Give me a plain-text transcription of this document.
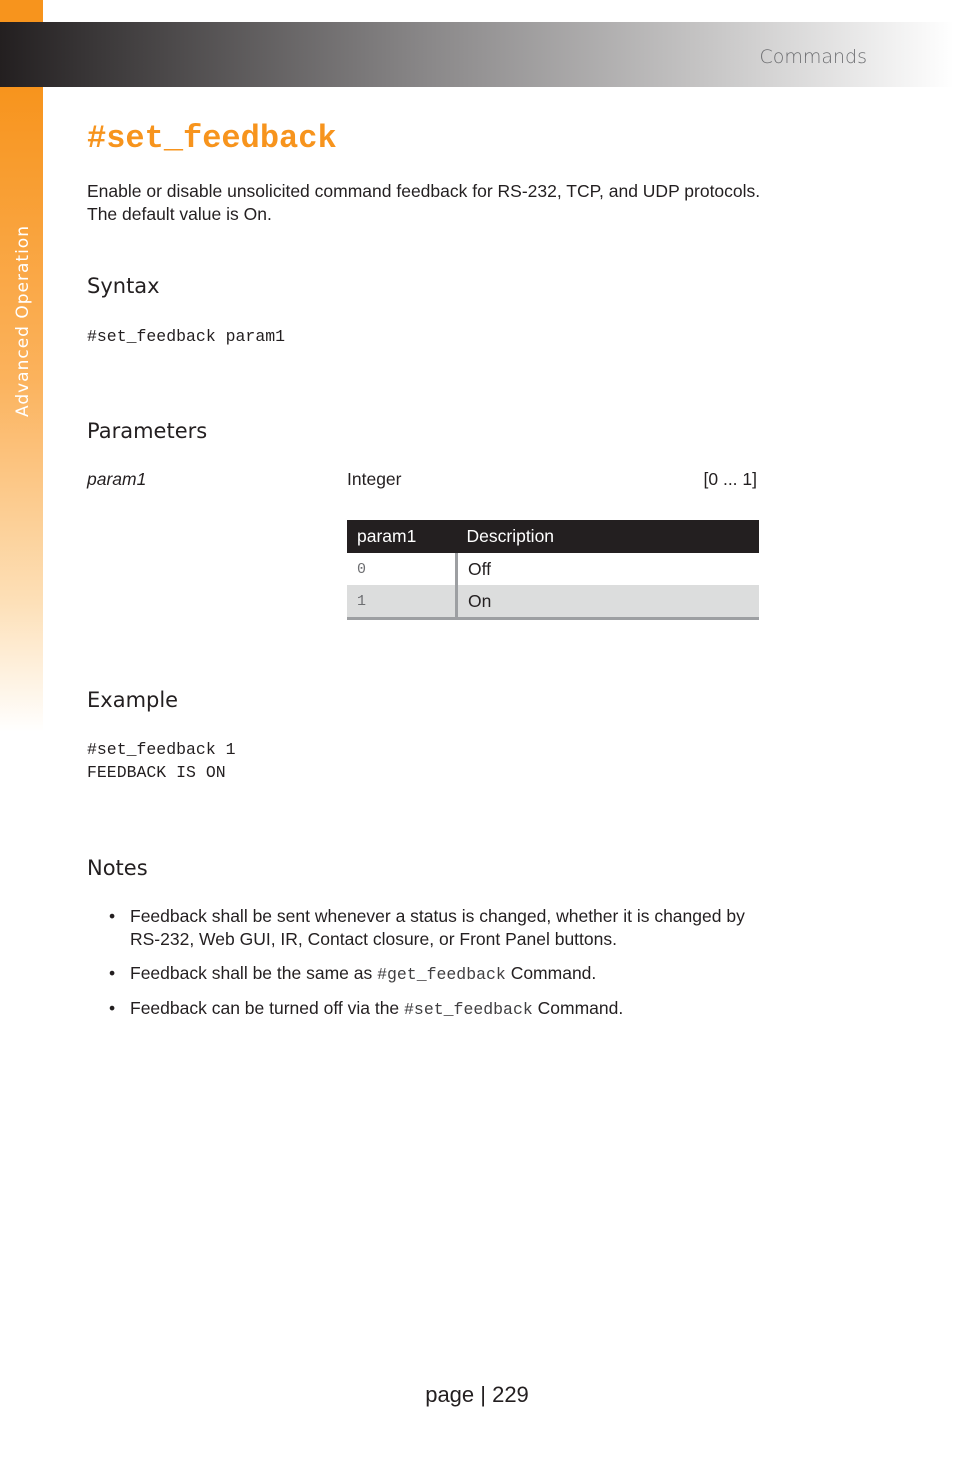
Advanced Operation
Commands
#set_feedback

Enable or disable unsolicited command feedback for RS-232, TCP, and UDP protocols.
The default value is On.

Syntax
#set_feedback param1
Parameters
param1	Integer	[0 ... 1]
param1	Description
0	Off
1	On
Example
#set_feedback 1
FEEDBACK IS ON
Notes
• Feedback shall be sent whenever a status is changed, whether it is changed by
RS-232, Web GUI, IR, Contact closure, or Front Panel buttons.
• Feedback shall be the same as #get_feedback Command.
• Feedback can be turned off via the #set_feedback Command.
page | 229
